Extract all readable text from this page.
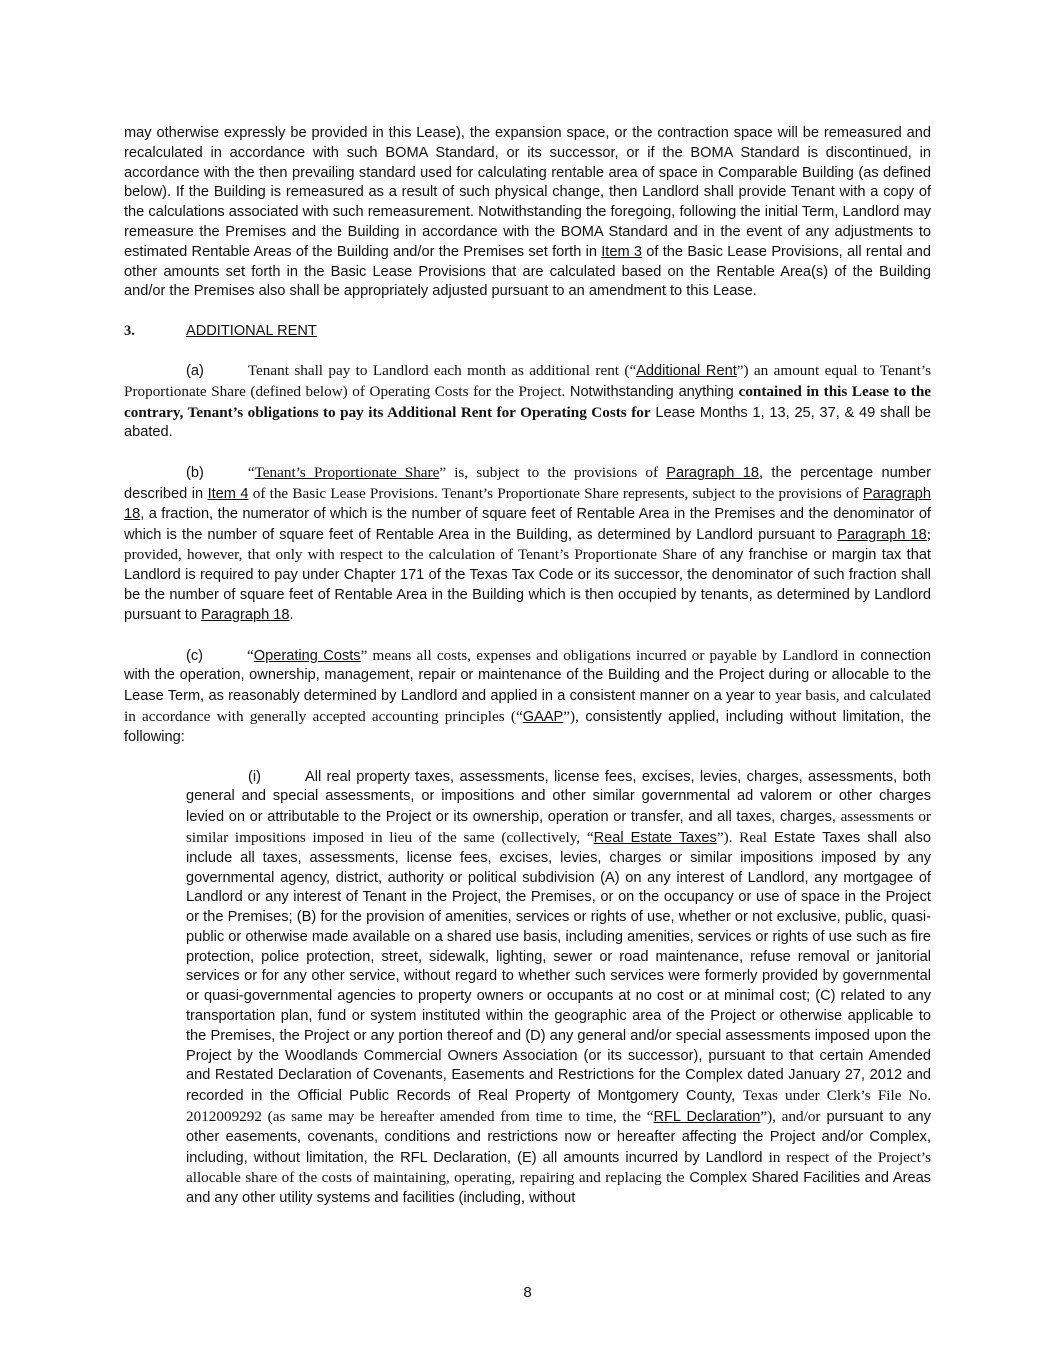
may otherwise expressly be provided in this Lease), the expansion space, or the contraction space will be remeasured and recalculated in accordance with such BOMA Standard, or its successor, or if the BOMA Standard is discontinued, in accordance with the then prevailing standard used for calculating rentable area of space in Comparable Building (as defined below). If the Building is remeasured as a result of such physical change, then Landlord shall provide Tenant with a copy of the calculations associated with such remeasurement. Notwithstanding the foregoing, following the initial Term, Landlord may remeasure the Premises and the Building in accordance with the BOMA Standard and in the event of any adjustments to estimated Rentable Areas of the Building and/or the Premises set forth in Item 3 of the Basic Lease Provisions, all rental and other amounts set forth in the Basic Lease Provisions that are calculated based on the Rentable Area(s) of the Building and/or the Premises also shall be appropriately adjusted pursuant to an amendment to this Lease.

3.	ADDITIONAL RENT

(a)	Tenant shall pay to Landlord each month as additional rent (“Additional Rent”) an amount equal to Tenant’s Proportionate Share (defined below) of Operating Costs for the Project. Notwithstanding anything contained in this Lease to the contrary, Tenant’s obligations to pay its Additional Rent for Operating Costs for Lease Months 1, 13, 25, 37, & 49 shall be abated.

(b)	“Tenant’s Proportionate Share” is, subject to the provisions of Paragraph 18, the percentage number described in Item 4 of the Basic Lease Provisions. Tenant’s Proportionate Share represents, subject to the provisions of Paragraph 18, a fraction, the numerator of which is the number of square feet of Rentable Area in the Premises and the denominator of which is the number of square feet of Rentable Area in the Building, as determined by Landlord pursuant to Paragraph 18; provided, however, that only with respect to the calculation of Tenant’s Proportionate Share of any franchise or margin tax that Landlord is required to pay under Chapter 171 of the Texas Tax Code or its successor, the denominator of such fraction shall be the number of square feet of Rentable Area in the Building which is then occupied by tenants, as determined by Landlord pursuant to Paragraph 18.

(c)	“Operating Costs” means all costs, expenses and obligations incurred or payable by Landlord in connection with the operation, ownership, management, repair or maintenance of the Building and the Project during or allocable to the Lease Term, as reasonably determined by Landlord and applied in a consistent manner on a year to year basis, and calculated in accordance with generally accepted accounting principles (“GAAP”), consistently applied, including without limitation, the following:

(i)	All real property taxes, assessments, license fees, excises, levies, charges, assessments, both general and special assessments, or impositions and other similar governmental ad valorem or other charges levied on or attributable to the Project or its ownership, operation or transfer, and all taxes, charges, assessments or similar impositions imposed in lieu of the same (collectively, “Real Estate Taxes”). Real Estate Taxes shall also include all taxes, assessments, license fees, excises, levies, charges or similar impositions imposed by any governmental agency, district, authority or political subdivision (A) on any interest of Landlord, any mortgagee of Landlord or any interest of Tenant in the Project, the Premises, or on the occupancy or use of space in the Project or the Premises; (B) for the provision of amenities, services or rights of use, whether or not exclusive, public, quasi-public or otherwise made available on a shared use basis, including amenities, services or rights of use such as fire protection, police protection, street, sidewalk, lighting, sewer or road maintenance, refuse removal or janitorial services or for any other service, without regard to whether such services were formerly provided by governmental or quasi-governmental agencies to property owners or occupants at no cost or at minimal cost; (C) related to any transportation plan, fund or system instituted within the geographic area of the Project or otherwise applicable to the Premises, the Project or any portion thereof and (D) any general and/or special assessments imposed upon the Project by the Woodlands Commercial Owners Association (or its successor), pursuant to that certain Amended and Restated Declaration of Covenants, Easements and Restrictions for the Complex dated January 27, 2012 and recorded in the Official Public Records of Real Property of Montgomery County, Texas under Clerk’s File No. 2012009292 (as same may be hereafter amended from time to time, the “RFL Declaration”), and/or pursuant to any other easements, covenants, conditions and restrictions now or hereafter affecting the Project and/or Complex, including, without limitation, the RFL Declaration, (E) all amounts incurred by Landlord in respect of the Project’s allocable share of the costs of maintaining, operating, repairing and replacing the Complex Shared Facilities and Areas and any other utility systems and facilities (including, without

8
